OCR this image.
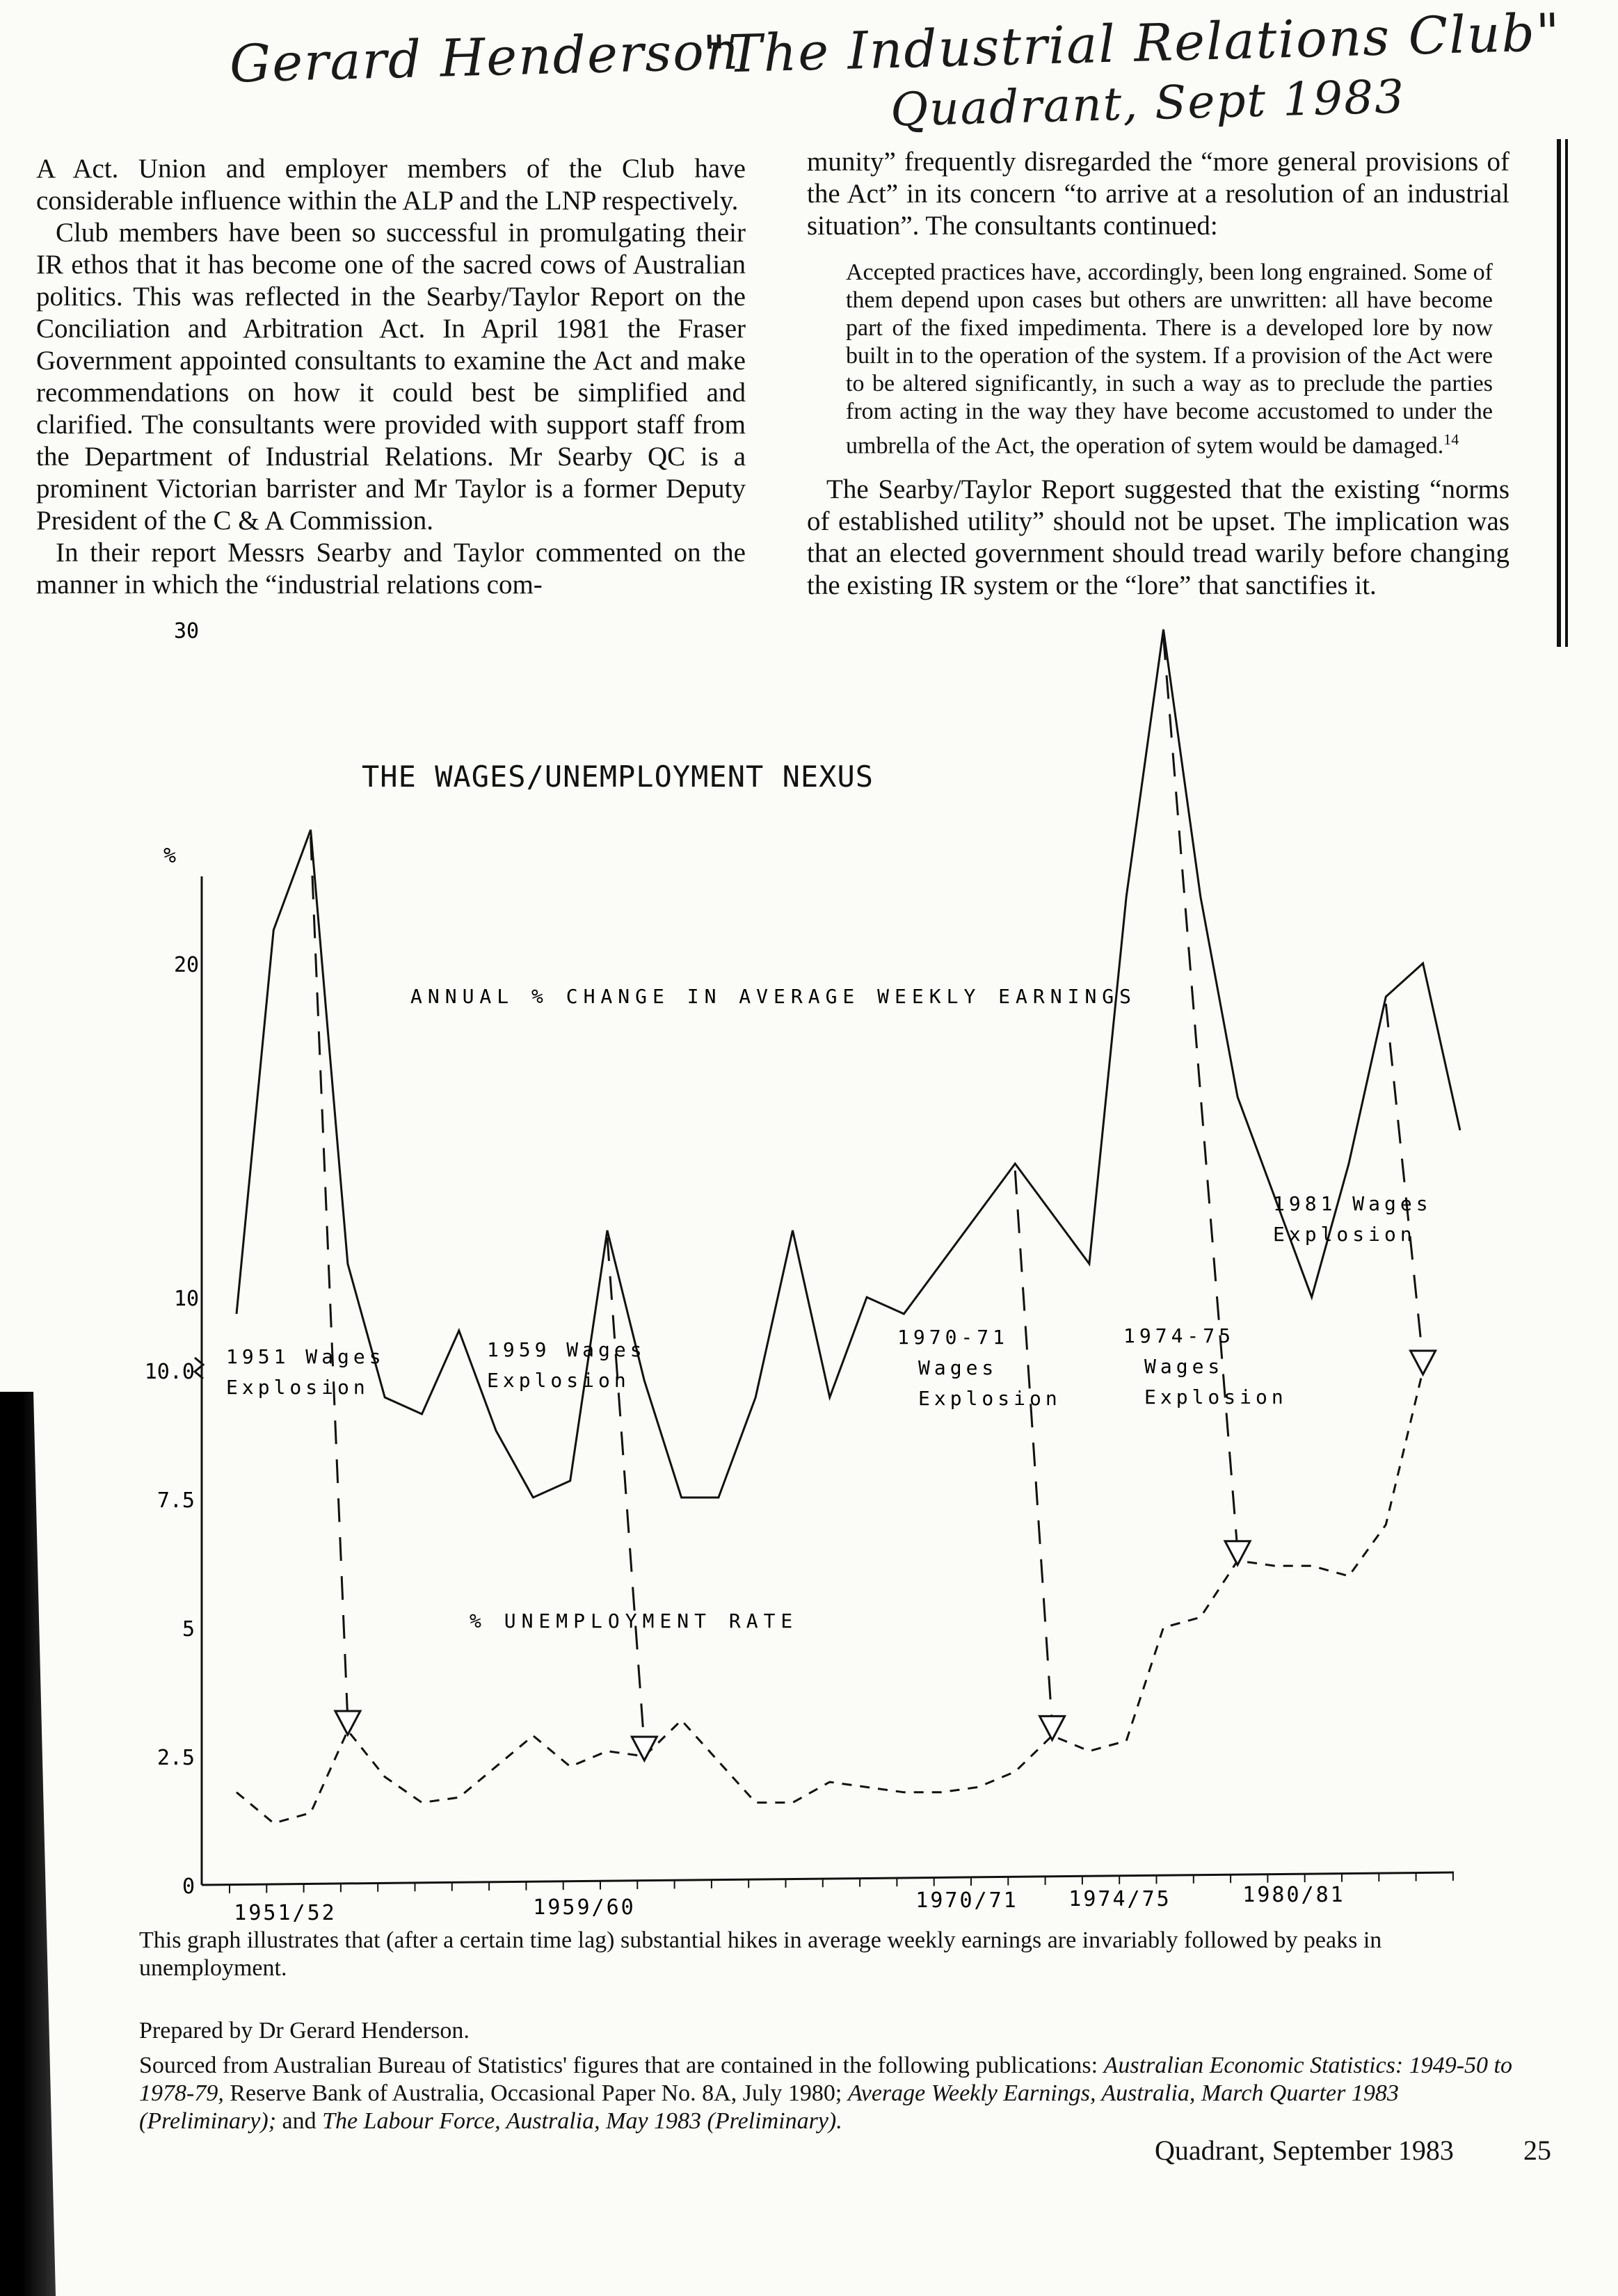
Gerard Henderson
"The Industrial Relations Club"
Quadrant, Sept 1983

A Act. Union and employer members of the Club have considerable influence within the ALP and the LNP respectively.

Club members have been so successful in promulgating their IR ethos that it has become one of the sacred cows of Australian politics. This was reflected in the Searby/Taylor Report on the Conciliation and Arbitration Act. In April 1981 the Fraser Government appointed consultants to examine the Act and make recommendations on how it could best be simplified and clarified. The consultants were provided with support staff from the Department of Industrial Relations. Mr Searby QC is a prominent Victorian barrister and Mr Taylor is a former Deputy President of the C & A Commission.

In their report Messrs Searby and Taylor commented on the manner in which the “industrial relations com-

munity” frequently disregarded the “more general provisions of the Act” in its concern “to arrive at a resolution of an industrial situation”. The consultants continued:

Accepted practices have, accordingly, been long engrained. Some of them depend upon cases but others are unwritten: all have become part of the fixed impedimenta. There is a developed lore by now built in to the operation of the system. If a provision of the Act were to be altered significantly, in such a way as to preclude the parties from acting in the way they have become accustomed to under the umbrella of the Act, the operation of sytem would be damaged.$^{14}$

The Searby/Taylor Report suggested that the existing “norms of established utility” should not be upset. The implication was that an elected government should tread warily before changing the existing IR system or the “lore” that sanctifies it.

THE WAGES/UNEMPLOYMENT NEXUS
30
20
10
10.0
7.5
5
2.5
0
1951/52	1959/60	1970/71 1974/75	1980/81
%
ANNUAL % CHANGE IN AVERAGE WEEKLY EARNINGS
% UNEMPLOYMENT RATE
1951 Wages Explosion
1959 Wages Explosion
1970-71 Wages Explosion
1974-75 Wages Explosion
1981 Wages Explosion
This graph illustrates that (after a certain time lag) substantial hikes in average weekly earnings are invariably followed by peaks in unemployment.
Prepared by Dr Gerard Henderson.
Sourced from Australian Bureau of Statistics' figures that are contained in the following publications: Australian Economic Statistics: 1949-50 to 1978-79, Reserve Bank of Australia, Occasional Paper No. 8A, July 1980; Average Weekly Earnings, Australia, March Quarter 1983 (Preliminary); and The Labour Force, Australia, May 1983 (Preliminary).
Quadrant, September 1983	25
